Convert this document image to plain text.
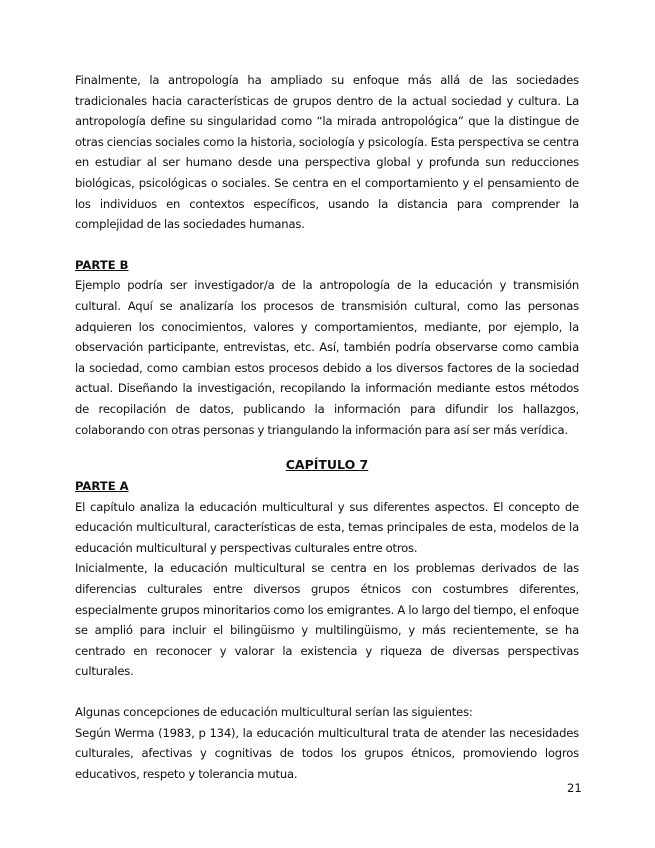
Finalmente, la antropología ha ampliado su enfoque más allá de las sociedades tradicionales hacia características de grupos dentro de la actual sociedad y cultura. La antropología define su singularidad como “la mirada antropológica” que la distingue de otras ciencias sociales como la historia, sociología y psicología. Esta perspectiva se centra en estudiar al ser humano desde una perspectiva global y profunda sun reducciones biológicas, psicológicas o sociales. Se centra en el comportamiento y el pensamiento de los individuos en contextos específicos, usando la distancia para comprender la complejidad de las sociedades humanas.

PARTE B

Ejemplo podría ser investigador/a de la antropología de la educación y transmisión cultural. Aquí se analizaría los procesos de transmisión cultural, como las personas adquieren los conocimientos, valores y comportamientos, mediante, por ejemplo, la observación participante, entrevistas, etc. Así, también podría observarse como cambia la sociedad, como cambian estos procesos debido a los diversos factores de la sociedad actual. Diseñando la investigación, recopilando la información mediante estos métodos de recopilación de datos, publicando la información para difundir los hallazgos, colaborando con otras personas y triangulando la información para así ser más verídica.

CAPÍTULO 7

PARTE A

El capítulo analiza la educación multicultural y sus diferentes aspectos. El concepto de educación multicultural, características de esta, temas principales de esta, modelos de la educación multicultural y perspectivas culturales entre otros.

Inicialmente, la educación multicultural se centra en los problemas derivados de las diferencias culturales entre diversos grupos étnicos con costumbres diferentes, especialmente grupos minoritarios como los emigrantes. A lo largo del tiempo, el enfoque se amplió para incluir el bilingüismo y multilingüismo, y más recientemente, se ha centrado en reconocer y valorar la existencia y riqueza de diversas perspectivas culturales.

Algunas concepciones de educación multicultural serían las siguientes:

Según Werma (1983, p 134), la educación multicultural trata de atender las necesidades culturales, afectivas y cognitivas de todos los grupos étnicos, promoviendo logros educativos, respeto y tolerancia mutua.

21
